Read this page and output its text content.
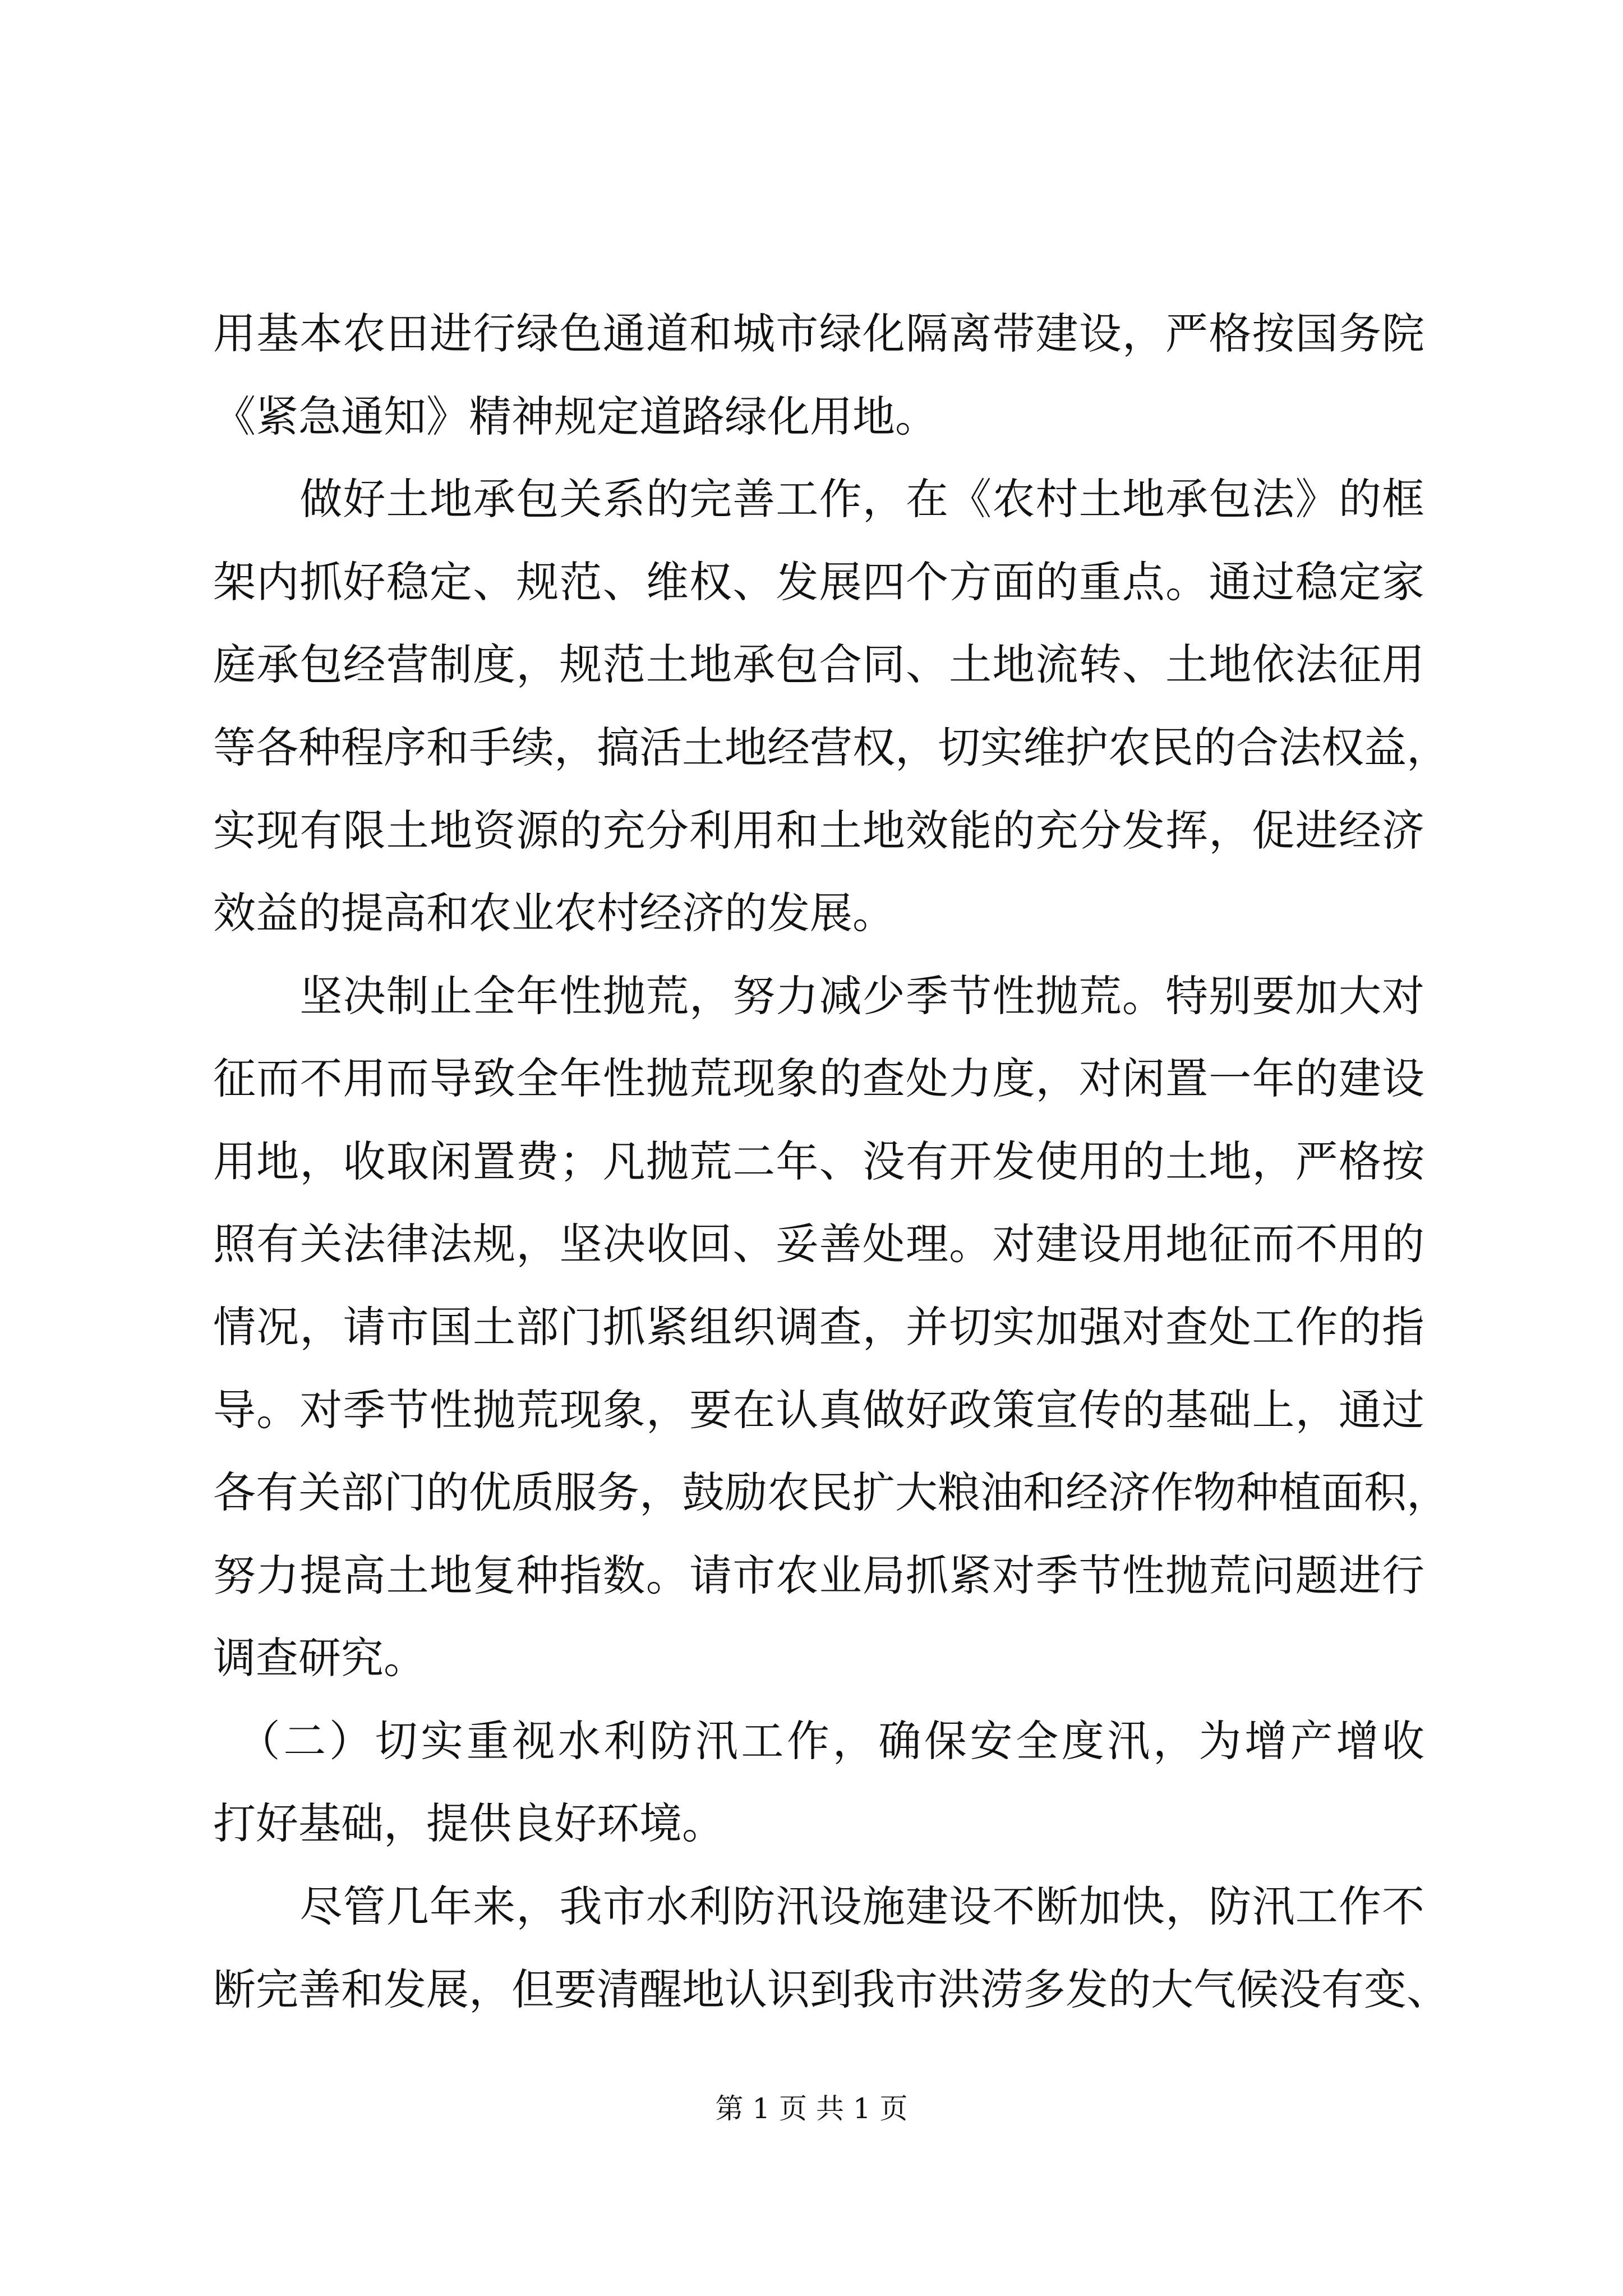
用基本农田进行绿色通道和城市绿化隔离带建设，严格按国务院
《紧急通知》精神规定道路绿化用地。
　　做好土地承包关系的完善工作，在《农村土地承包法》的框
架内抓好稳定、规范、维权、发展四个方面的重点。通过稳定家
庭承包经营制度，规范土地承包合同、土地流转、土地依法征用
等各种程序和手续，搞活土地经营权，切实维护农民的合法权益，
实现有限土地资源的充分利用和土地效能的充分发挥，促进经济
效益的提高和农业农村经济的发展。
　　坚决制止全年性抛荒，努力减少季节性抛荒。特别要加大对
征而不用而导致全年性抛荒现象的查处力度，对闲置一年的建设
用地，收取闲置费；凡抛荒二年、没有开发使用的土地，严格按
照有关法律法规，坚决收回、妥善处理。对建设用地征而不用的
情况，请市国土部门抓紧组织调查，并切实加强对查处工作的指
导。对季节性抛荒现象，要在认真做好政策宣传的基础上，通过
各有关部门的优质服务，鼓励农民扩大粮油和经济作物种植面积，
努力提高土地复种指数。请市农业局抓紧对季节性抛荒问题进行
调查研究。
　（二）切实重视水利防汛工作，确保安全度汛，为增产增收
打好基础，提供良好环境。
　　尽管几年来，我市水利防汛设施建设不断加快，防汛工作不
断完善和发展，但要清醒地认识到我市洪涝多发的大气候没有变、
第 1 页 共 1 页
